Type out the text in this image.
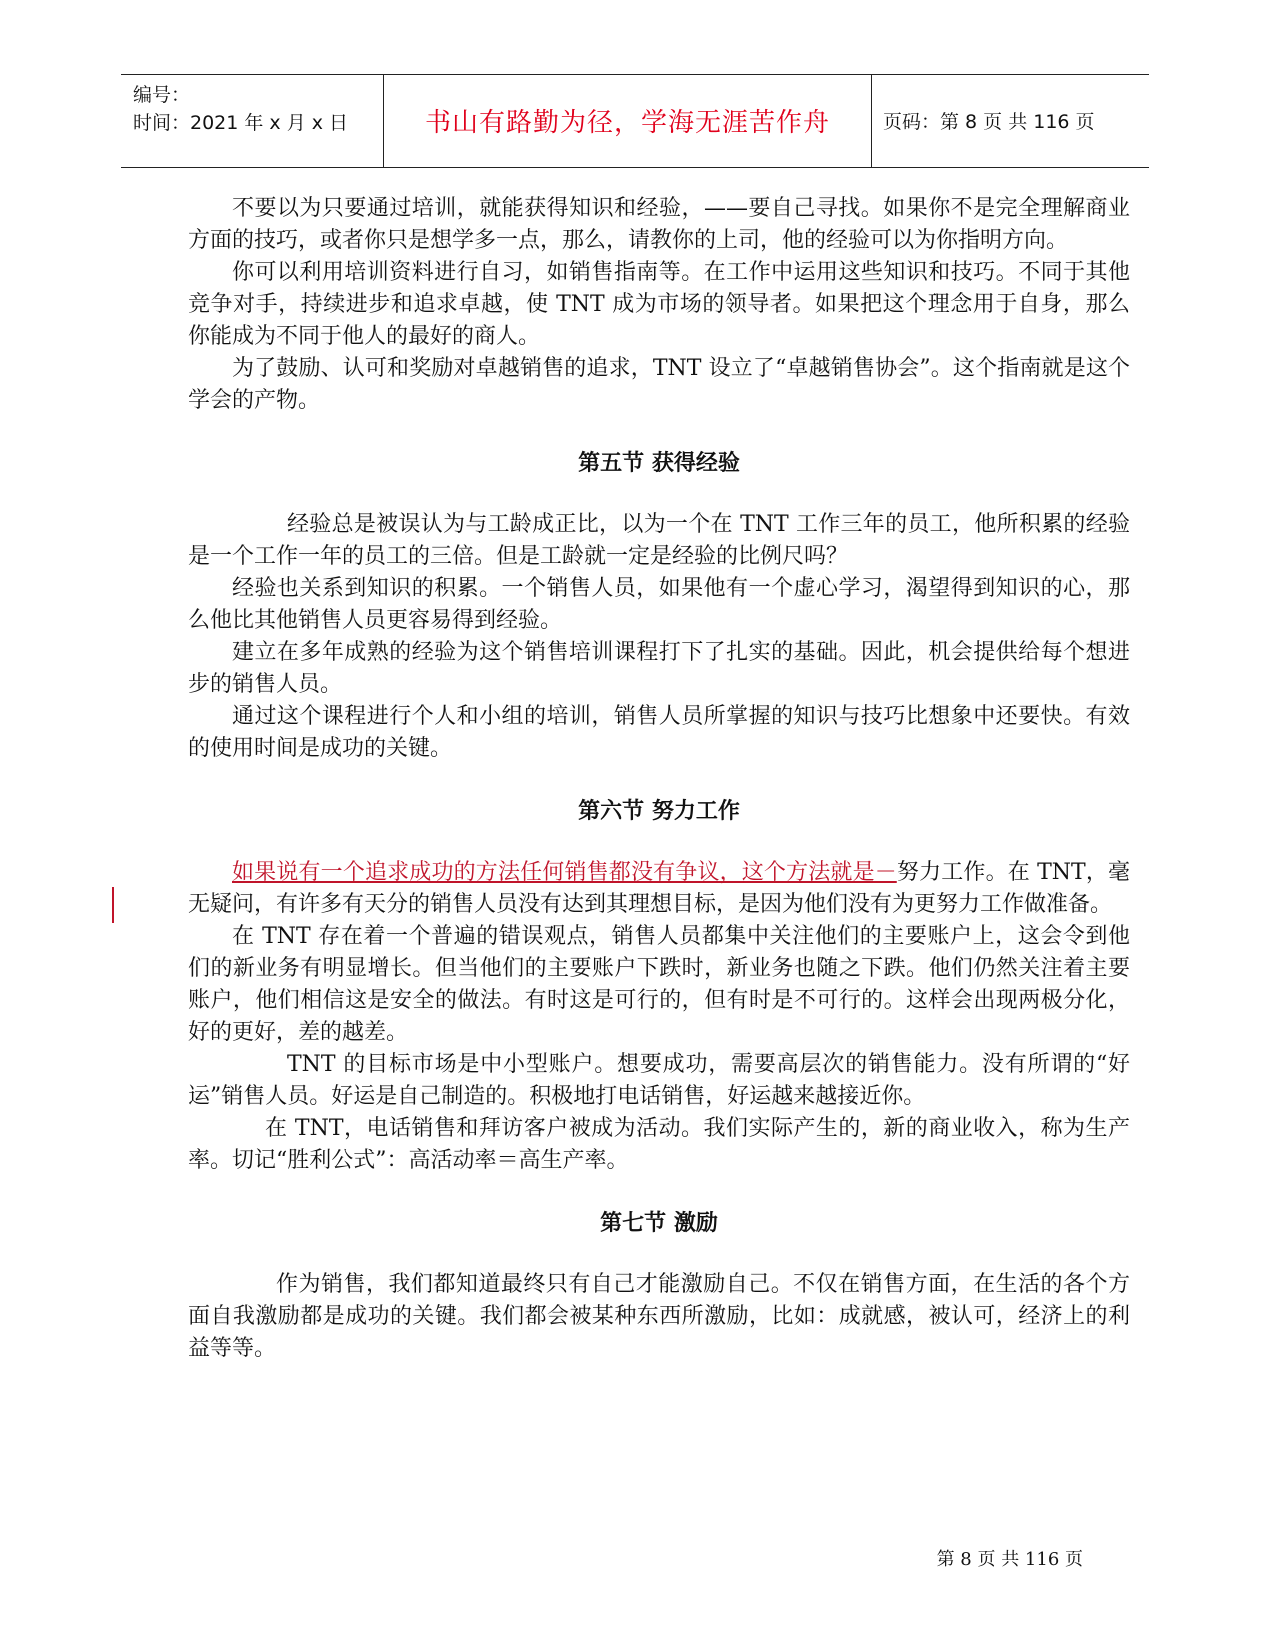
编号：
时间：2021 年 x 月 x 日	书山有路勤为径，学海无涯苦作舟	页码：第 8 页 共 116 页

不要以为只要通过培训，就能获得知识和经验，——要自己寻找。如果你不是完全理解商业方面的技巧，或者你只是想学多一点，那么，请教你的上司，他的经验可以为你指明方向。

你可以利用培训资料进行自习，如销售指南等。在工作中运用这些知识和技巧。不同于其他竞争对手，持续进步和追求卓越，使 TNT 成为市场的领导者。如果把这个理念用于自身，那么你能成为不同于他人的最好的商人。

为了鼓励、认可和奖励对卓越销售的追求，TNT 设立了“卓越销售协会”。这个指南就是这个学会的产物。

第五节 获得经验

经验总是被误认为与工龄成正比，以为一个在 TNT 工作三年的员工，他所积累的经验是一个工作一年的员工的三倍。但是工龄就一定是经验的比例尺吗？

经验也关系到知识的积累。一个销售人员，如果他有一个虚心学习，渴望得到知识的心，那么他比其他销售人员更容易得到经验。

建立在多年成熟的经验为这个销售培训课程打下了扎实的基础。因此，机会提供给每个想进步的销售人员。

通过这个课程进行个人和小组的培训，销售人员所掌握的知识与技巧比想象中还要快。有效的使用时间是成功的关键。

第六节 努力工作

如果说有一个追求成功的方法任何销售都没有争议，这个方法就是－努力工作。在 TNT，毫无疑问，有许多有天分的销售人员没有达到其理想目标，是因为他们没有为更努力工作做准备。

在 TNT 存在着一个普遍的错误观点，销售人员都集中关注他们的主要账户上，这会令到他们的新业务有明显增长。但当他们的主要账户下跌时，新业务也随之下跌。他们仍然关注着主要账户，他们相信这是安全的做法。有时这是可行的，但有时是不可行的。这样会出现两极分化，好的更好，差的越差。

TNT 的目标市场是中小型账户。想要成功，需要高层次的销售能力。没有所谓的“好运”销售人员。好运是自己制造的。积极地打电话销售，好运越来越接近你。

在 TNT，电话销售和拜访客户被成为活动。我们实际产生的，新的商业收入，称为生产率。切记“胜利公式”：高活动率＝高生产率。

第七节 激励

作为销售，我们都知道最终只有自己才能激励自己。不仅在销售方面，在生活的各个方面自我激励都是成功的关键。我们都会被某种东西所激励，比如：成就感，被认可，经济上的利益等等。

第 8 页 共 116 页
